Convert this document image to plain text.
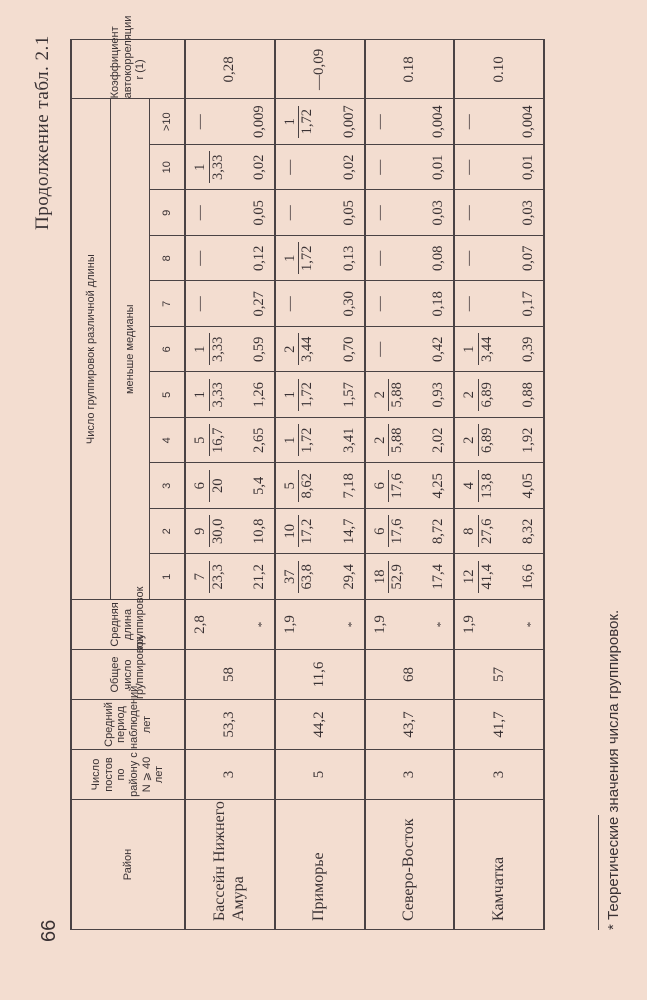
66
Продолжение табл. 2.1
Район	Число постов по району с N ⩾ 40 лет	Средний период наблюдений, лет	Общее число группировок	Средняя длина группировок	Число группировок различной длины											Коэффициент автокорреляции r (1)
					меньше медианы											
					1	2	3	4	5	6	7	8	9	10	>10	
Бассейн Нижнего Амура	3	53,3	58	2,8 *	7 23,3 21,2	9 30,0 10,8	6 20 5,4	5 16,7 2,65	1 3,33 1,26	1 3,33 0,59	— 0,27	— 0,12	— 0,05	1 3,33 0,02	— 0,009	0,28
Приморье	5	44,2	11,6	1,9 *	37 63,8 29,4	10 17,2 14,7	5 8,62 7,18	1 1,72 3,41	1 1,72 1,57	2 3,44 0,70	— 0,30	1 1,72 0,13	— 0,05	— 0,02	1 1,72 0,007	—0,09
Северо-Восток	3	43,7	68	1,9 *	18 52,9 17,4	6 17,6 8,72	6 17,6 4,25	2 5,88 2,02	2 5,88 0,93	— 0,42	— 0,18	— 0,08	— 0,03	— 0,01	— 0,004	0.18
Камчатка	3	41,7	57	1,9 *	12 41,4 16,6	8 27,6 8,32	4 13,8 4,05	2 6,89 1,92	2 6,89 0,88	1 3,44 0,39	— 0,17	— 0,07	— 0,03	— 0,01	— 0,004	0.10
* Теоретические значения числа группировок.
